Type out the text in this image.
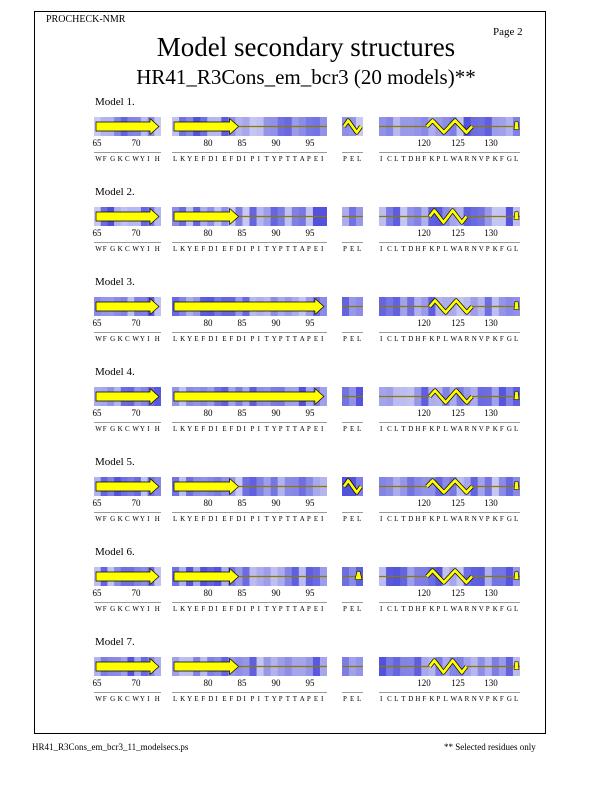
PROCHECK-NMR
Page 2
Model secondary structures
HR41_R3Cons_em_bcr3 (20 models)**
Model 1.
65	70
W F G K C W Y I H
80	85	90	95
L K Y E F D I E F D I P I T Y P T T A P E I	P E L
120 125 130
I C L T D H F K P L W A R N V P K F G L
Model 2.
65	70
W F G K C W Y I H
80	85	90	95
L K Y E F D I E F D I P I T Y P T T A P E I	P E L
120 125 130
I C L T D H F K P L W A R N V P K F G L
Model 3.
65	70
W F G K C W Y I H
80	85	90	95
L K Y E F D I E F D I P I T Y P T T A P E I	P E L
120 125 130
I C L T D H F K P L W A R N V P K F G L
Model 4.
65	70
W F G K C W Y I H
80	85	90	95
L K Y E F D I E F D I P I T Y P T T A P E I	P E L
120 125 130
I C L T D H F K P L W A R N V P K F G L
Model 5.
65	70
W F G K C W Y I H
80	85	90	95
L K Y E F D I E F D I P I T Y P T T A P E I	P E L
120 125 130
I C L T D H F K P L W A R N V P K F G L
Model 6.
65	70
W F G K C W Y I H
80	85	90	95
L K Y E F D I E F D I P I T Y P T T A P E I	P E L
120 125 130
I C L T D H F K P L W A R N V P K F G L
Model 7.
65	70
W F G K C W Y I H
80	85	90	95
L K Y E F D I E F D I P I T Y P T T A P E I	P E L
120 125 130
I C L T D H F K P L W A R N V P K F G L
HR41_R3Cons_em_bcr3_11_modelsecs.ps	** Selected residues only
